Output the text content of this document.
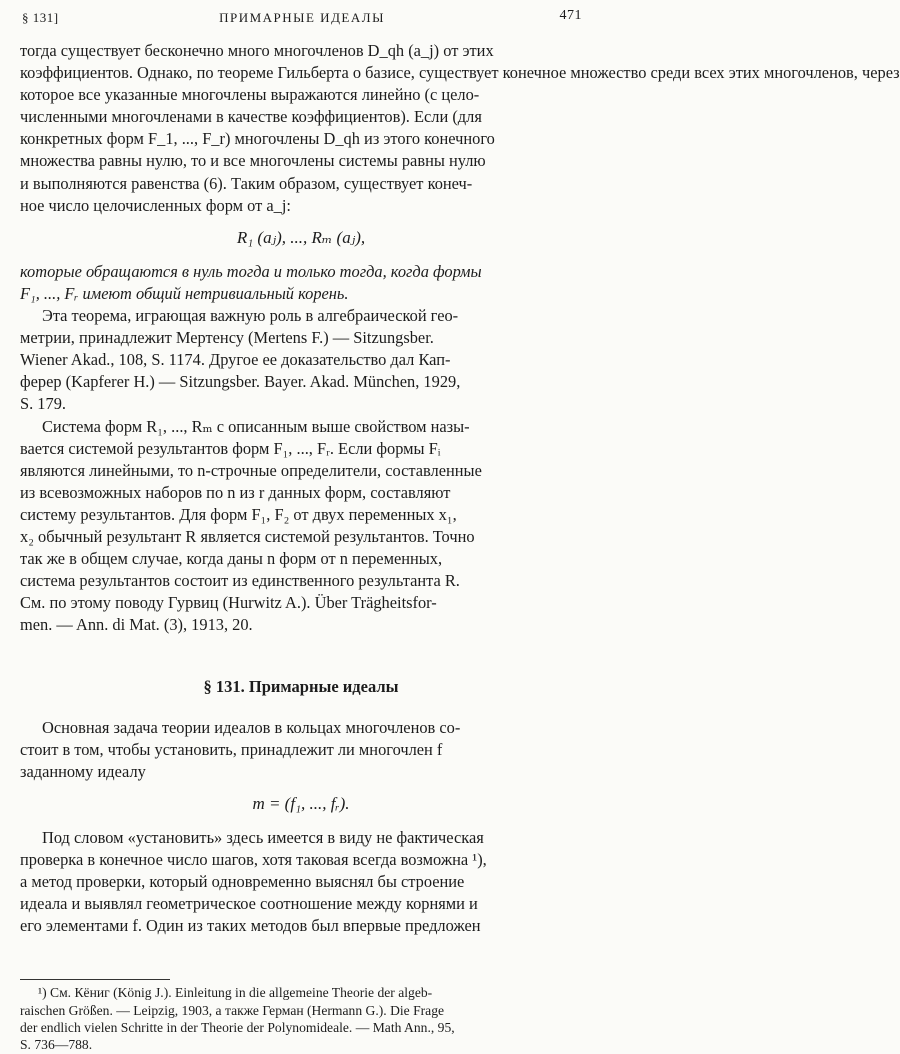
§ 131]	ПРИМАРНЫЕ ИДЕАЛЫ	471
тогда существует бесконечно много многочленов D_qh (a_j) от этих
коэффициентов. Однако, по теореме Гильберта о базисе, существует конечное множество среди всех этих многочленов, через
которое все указанные многочлены выражаются линейно (с цело-
численными многочленами в качестве коэффициентов). Если (для
конкретных форм F_1, ..., F_r) многочлены D_qh из этого конечного
множества равны нулю, то и все многочлены системы равны нулю
и выполняются равенства (6). Таким образом, существует конеч-
ное число целочисленных форм от a_j:
R₁ (aⱼ), ..., Rₘ (aⱼ),
которые обращаются в нуль тогда и только тогда, когда формы
F₁, ..., Fᵣ имеют общий нетривиальный корень.
Эта теорема, играющая важную роль в алгебраической гео-
метрии, принадлежит Мертенсу (Mertens F.) — Sitzungsber.
Wiener Akad., 108, S. 1174. Другое ее доказательство дал Кап-
ферер (Kapferer H.) — Sitzungsber. Bayer. Akad. München, 1929,
S. 179.
Система форм R₁, ..., Rₘ с описанным выше свойством назы-
вается системой результантов форм F₁, ..., Fᵣ. Если формы Fᵢ
являются линейными, то n-строчные определители, составленные
из всевозможных наборов по n из r данных форм, составляют
систему результантов. Для форм F₁, F₂ от двух переменных x₁,
x₂ обычный результант R является системой результантов. Точно
так же в общем случае, когда даны n форм от n переменных,
система результантов состоит из единственного результанта R.
См. по этому поводу Гурвиц (Hurwitz A.). Über Trägheitsfor-
men. — Ann. di Mat. (3), 1913, 20.
§ 131. Примарные идеалы
Основная задача теории идеалов в кольцах многочленов со-
стоит в том, чтобы установить, принадлежит ли многочлен f
заданному идеалу
m = (f₁, ..., fᵣ).
Под словом «установить» здесь имеется в виду не фактическая
проверка в конечное число шагов, хотя таковая всегда возможна ¹),
а метод проверки, который одновременно выяснял бы строение
идеала и выявлял геометрическое соотношение между корнями и
его элементами f. Один из таких методов был впервые предложен
¹) См. Кёниг (König J.). Einleitung in die allgemeine Theorie der algeb-
raischen Größen. — Leipzig, 1903, а также Герман (Hermann G.). Die Frage
der endlich vielen Schritte in der Theorie der Polynomideale. — Math Ann., 95,
S. 736—788.
